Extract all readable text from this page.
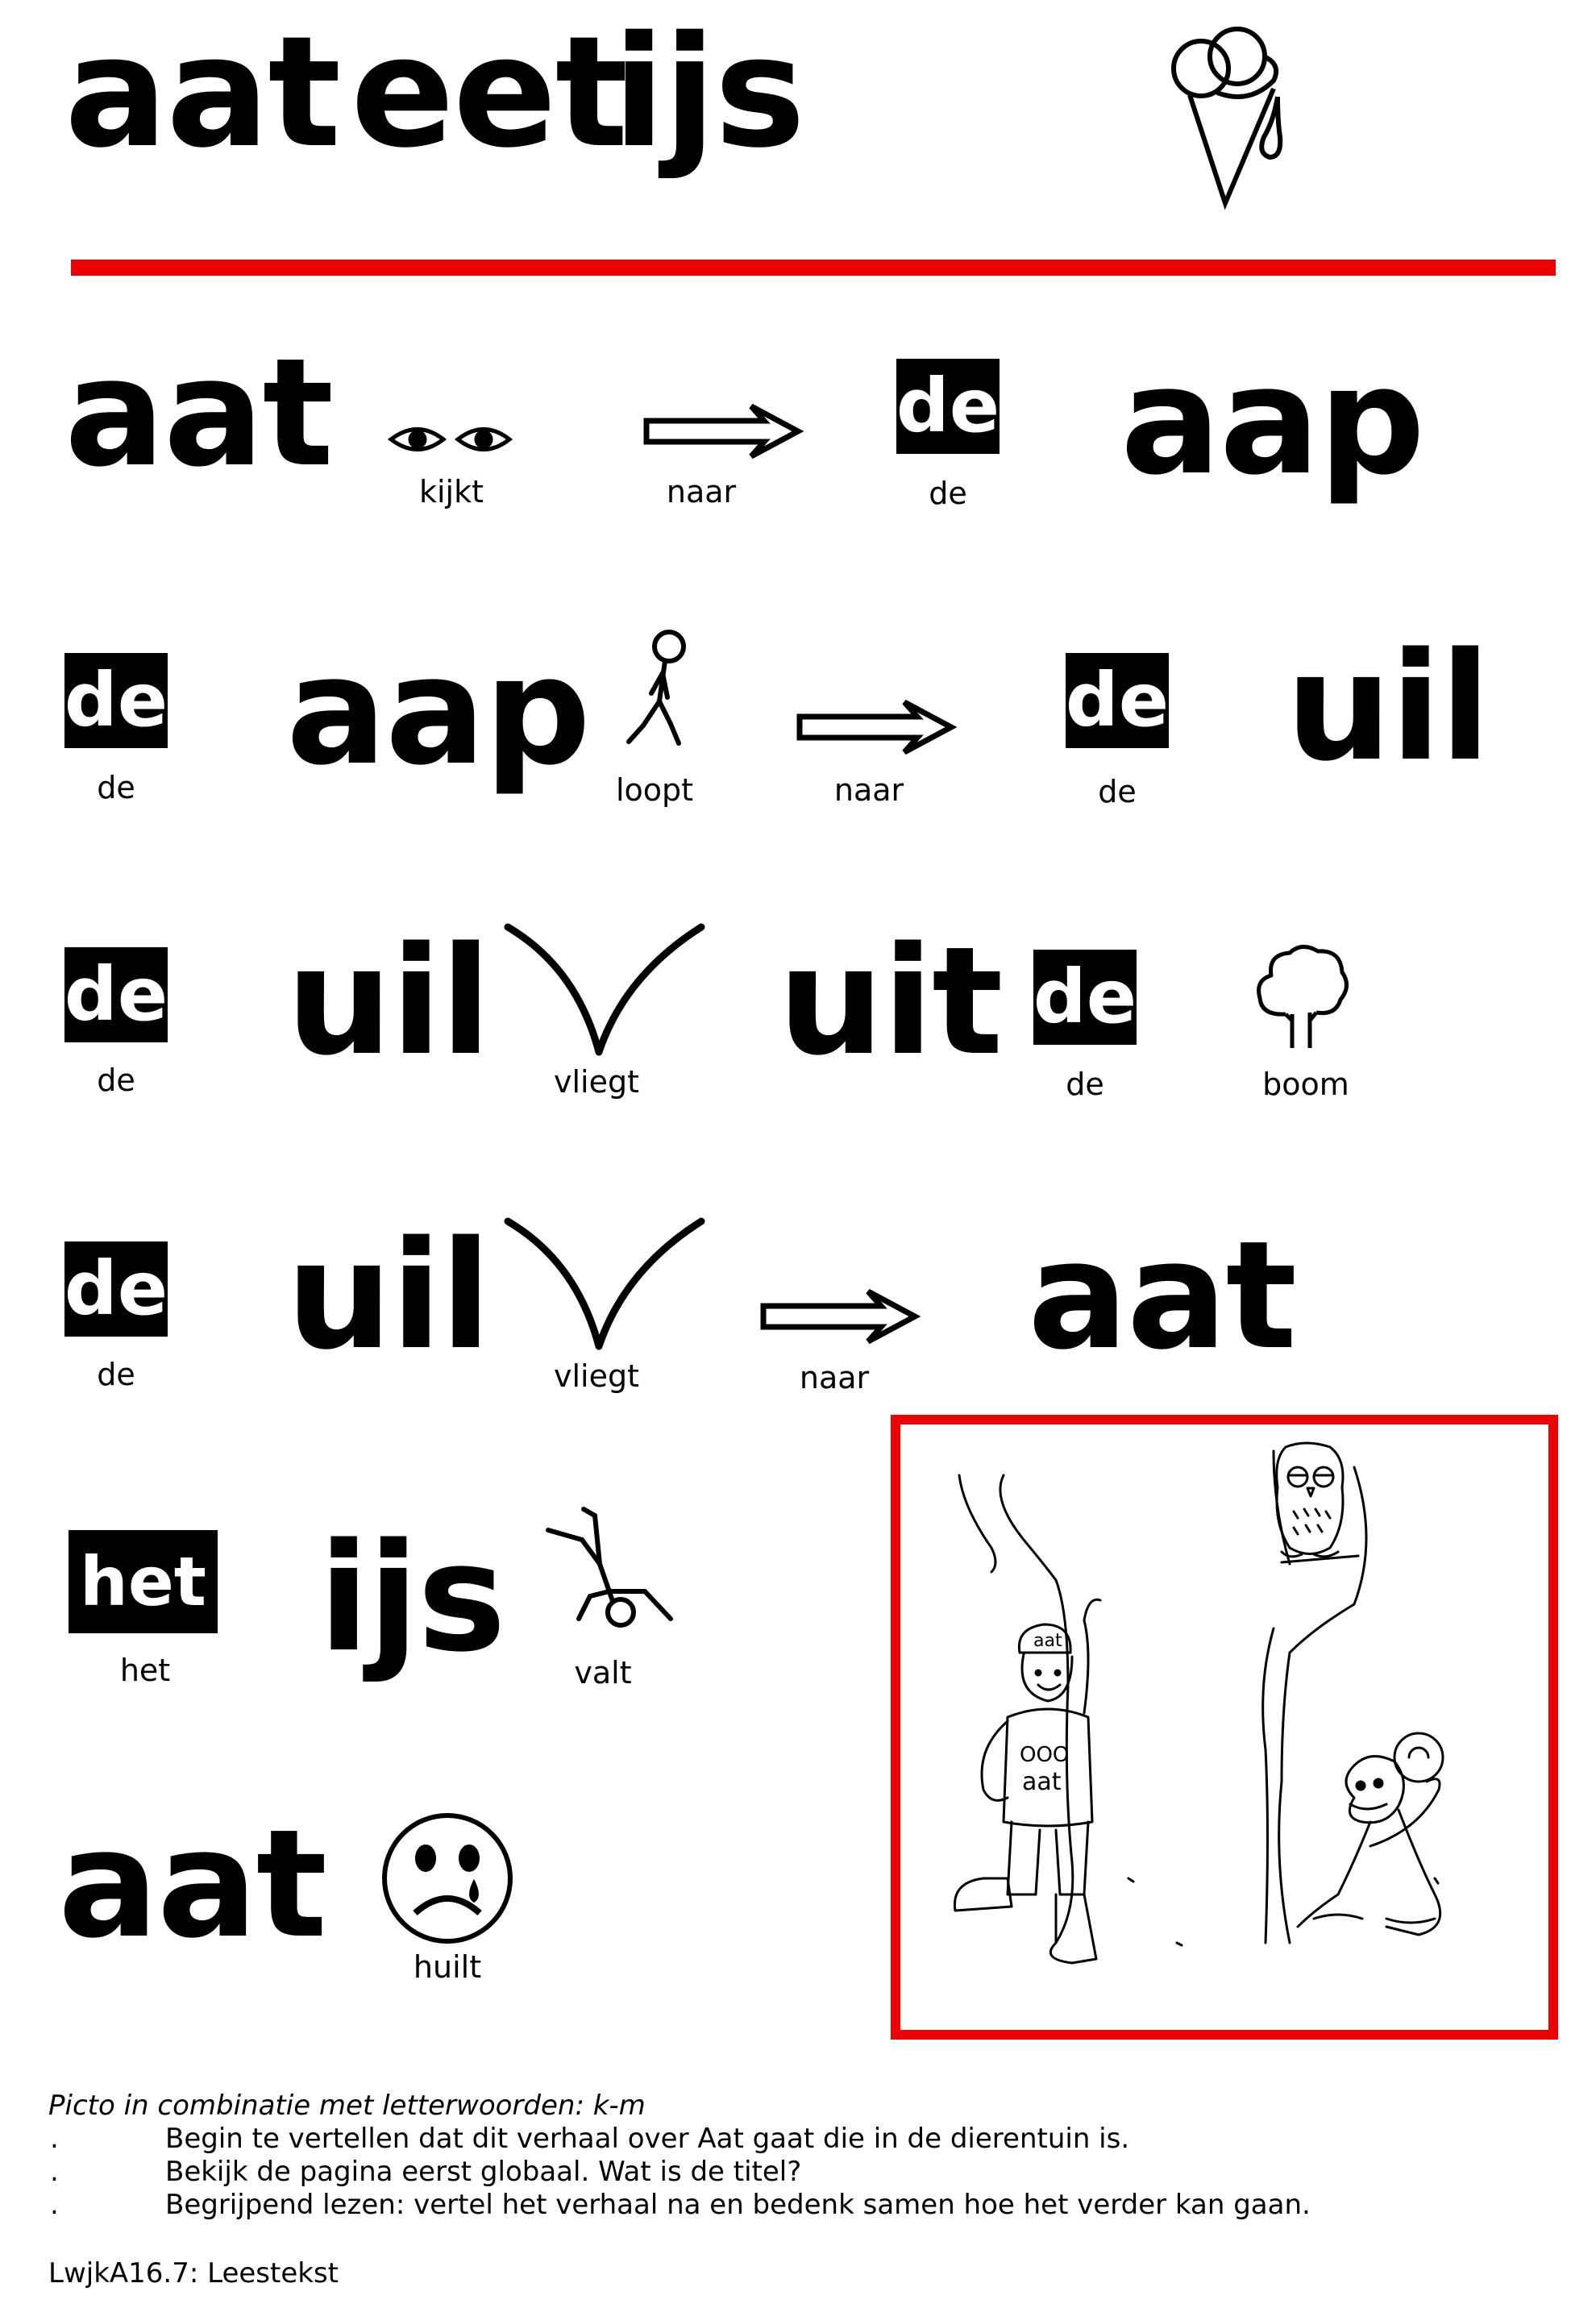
aat eet
ijs
aat	kijkt	naar
de
de	aap
de
de	aap loopt	naar
de
de	uil
de
de	uil	vliegt uit de
de	boom
de
de	uil	vliegt	naar	aat
het
het ijs	valt
aat	huilt
aat
OOO
aat
Picto in combinatie met letterwoorden: k-m
.	Begin te vertellen dat dit verhaal over Aat gaat die in de dierentuin is.
.	Bekijk de pagina eerst globaal. Wat is de titel?
.	Begrijpend lezen: vertel het verhaal na en bedenk samen hoe het verder kan gaan.
LwjkA16.7: Leestekst
